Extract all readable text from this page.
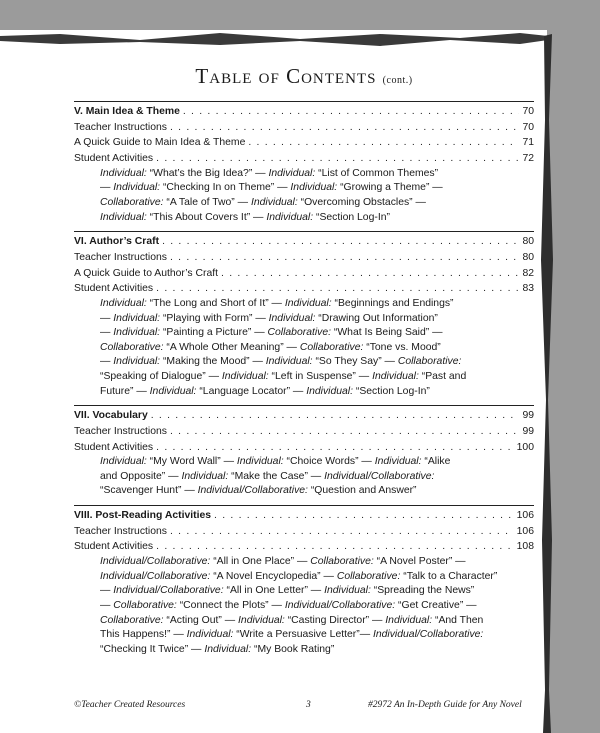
Table of Contents (cont.)
V. Main Idea & Theme . . .	70
Teacher Instructions . . .	70
A Quick Guide to Main Idea & Theme . . .	71
Student Activities . . .	72
Individual: “What’s the Big Idea?” — Individual: “List of Common Themes”
— Individual: “Checking In on Theme” — Individual: “Growing a Theme” —
Collaborative: “A Tale of Two” — Individual: “Overcoming Obstacles” —
Individual: “This About Covers It” — Individual: “Section Log-In”
VI. Author’s Craft . . .	80
Teacher Instructions . . .	80
A Quick Guide to Author’s Craft . . .	82
Student Activities . . .	83
Individual: “The Long and Short of It” — Individual: “Beginnings and Endings”
— Individual: “Playing with Form” — Individual: “Drawing Out Information”
— Individual: “Painting a Picture” — Collaborative: “What Is Being Said” —
Collaborative: “A Whole Other Meaning” — Collaborative: “Tone vs. Mood”
— Individual: “Making the Mood” — Individual: “So They Say” — Collaborative:
“Speaking of Dialogue” — Individual: “Left in Suspense” — Individual: “Past and
Future” — Individual: “Language Locator” — Individual: “Section Log-In”
VII. Vocabulary . . .	99
Teacher Instructions . . .	99
Student Activities . . .	100
Individual: “My Word Wall” — Individual: “Choice Words” — Individual: “Alike
and Opposite” — Individual: “Make the Case” — Individual/Collaborative:
“Scavenger Hunt” — Individual/Collaborative: “Question and Answer”
VIII. Post-Reading Activities . . .	106
Teacher Instructions . . .	106
Student Activities . . .	108
Individual/Collaborative: “All in One Place” — Collaborative: “A Novel Poster” —
Individual/Collaborative: “A Novel Encyclopedia” — Collaborative: “Talk to a Character”
— Individual/Collaborative: “All in One Letter” — Individual: “Spreading the News”
— Collaborative: “Connect the Plots” — Individual/Collaborative: “Get Creative” —
Collaborative: “Acting Out” — Individual: “Casting Director” — Individual: “And Then
This Happens!” — Individual: “Write a Persuasive Letter”— Individual/Collaborative:
“Checking It Twice” — Individual: “My Book Rating”
©Teacher Created Resources	3	#2972 An In-Depth Guide for Any Novel
